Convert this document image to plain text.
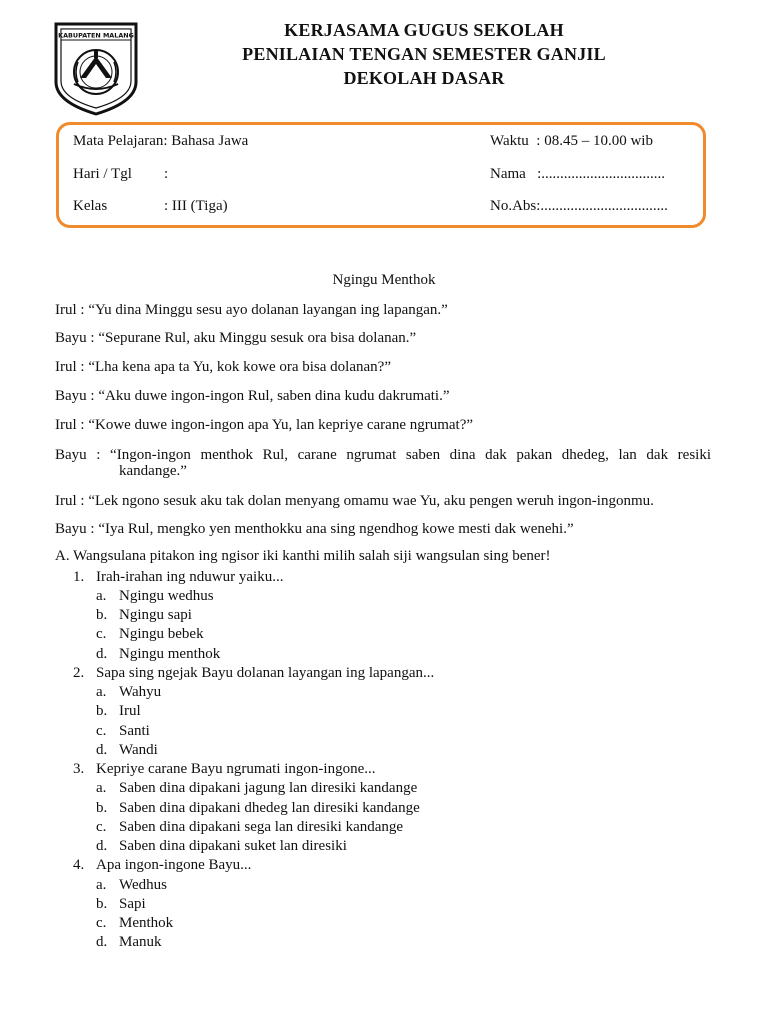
KABUPATEN MALANG	KERJASAMA GUGUS SEKOLAH
PENILAIAN TENGAN SEMESTER GANJIL
DEKOLAH DASAR
Mata Pelajaran: Bahasa Jawa
Hari / Tgl :
Kelas	: III (Tiga)
Waktu  : 08.45 – 10.00 wib
Nama   :.................................
No.Abs:..................................
Ngingu Menthok
Irul : “Yu dina Minggu sesu ayo dolanan layangan ing lapangan.”
Bayu : “Sepurane Rul, aku Minggu sesuk ora bisa dolanan.”
Irul : “Lha kena apa ta Yu, kok kowe ora bisa dolanan?”
Bayu : “Aku duwe ingon-ingon Rul, saben dina kudu dakrumati.”
Irul : “Kowe duwe ingon-ingon apa Yu, lan kepriye carane ngrumat?”
Bayu : “Ingon-ingon menthok Rul, carane ngrumat saben dina dak pakan dhedeg, lan dak resiki
kandange.”
Irul : “Lek ngono sesuk aku tak dolan menyang omamu wae Yu, aku pengen weruh ingon-ingonmu.
Bayu : “Iya Rul, mengko yen menthokku ana sing ngendhog kowe mesti dak wenehi.”
A. Wangsulana pitakon ing ngisor iki kanthi milih salah siji wangsulan sing bener!
1. Irah-irahan ing nduwur yaiku...
a. Ngingu wedhus
b. Ngingu sapi
c. Ngingu bebek
d. Ngingu menthok
2. Sapa sing ngejak Bayu dolanan layangan ing lapangan...
a. Wahyu
b. Irul
c. Santi
d. Wandi
3. Kepriye carane Bayu ngrumati ingon-ingone...
a. Saben dina dipakani jagung lan diresiki kandange
b. Saben dina dipakani dhedeg lan diresiki kandange
c. Saben dina dipakani sega lan diresiki kandange
d. Saben dina dipakani suket lan diresiki
4. Apa ingon-ingone Bayu...
a. Wedhus
b. Sapi
c. Menthok
d. Manuk
